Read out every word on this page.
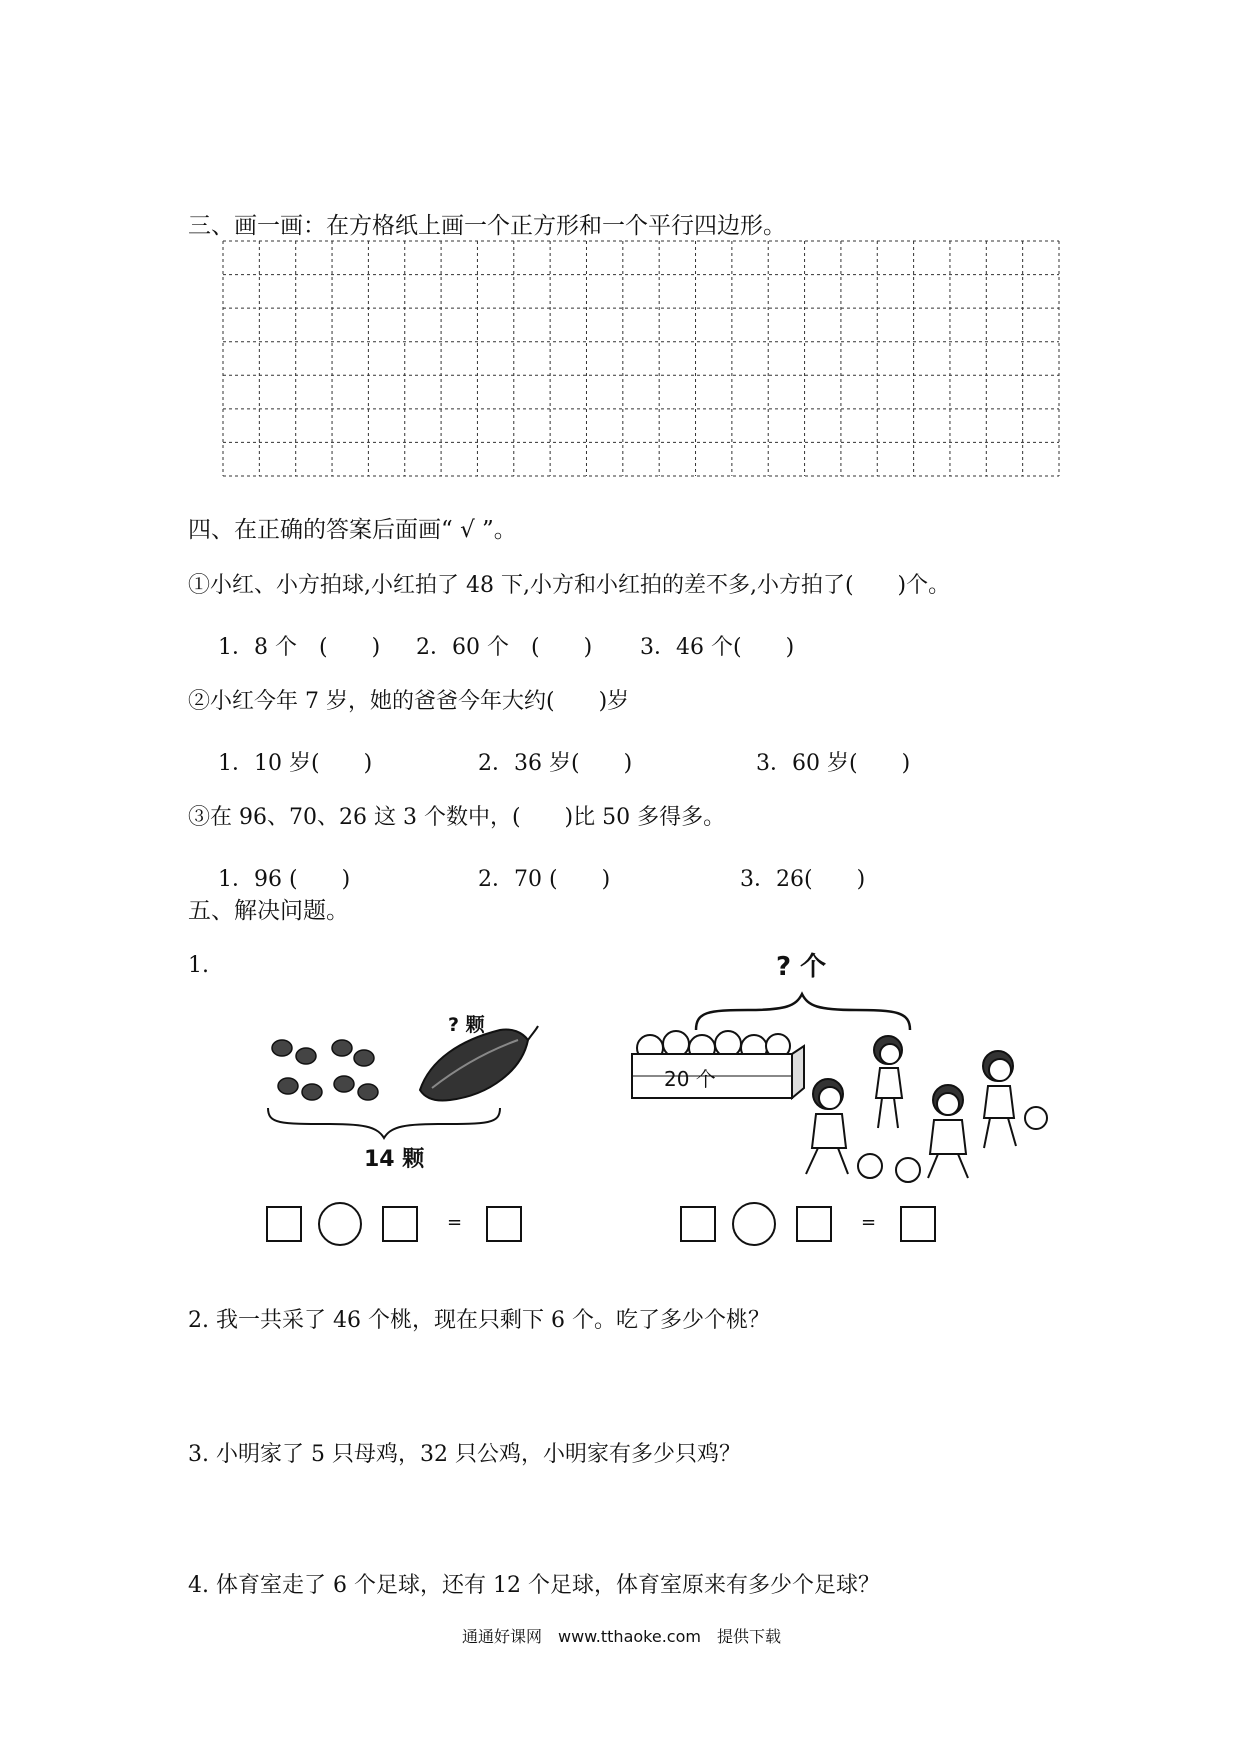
三、画一画：在方格纸上画一个正方形和一个平行四边形。
四、在正确的答案后面画“ √ ”。
①小红、小方拍球,小红拍了 48 下,小方和小红拍的差不多,小方拍了(　　)个。
1．8 个　(　　) 2．60 个　(　　) 3．46 个(　　)
②小红今年 7 岁，她的爸爸今年大约(　　)岁
1．10 岁(　　)	2．36 岁(　　)	3．60 岁(　　)
③在 96、70、26 这 3 个数中，(　　)比 50 多得多。
1．96 (　　)	2．70 (　　)	3．26(　　)
五、解决问题。
1.
? 颗
14 颗
? 个
20 个
=	=
2. 我一共采了 46 个桃，现在只剩下 6 个。吃了多少个桃？
3. 小明家了 5 只母鸡，32 只公鸡，小明家有多少只鸡？
4. 体育室走了 6 个足球，还有 12 个足球，体育室原来有多少个足球？
通通好课网　www.tthaoke.com　提供下载
